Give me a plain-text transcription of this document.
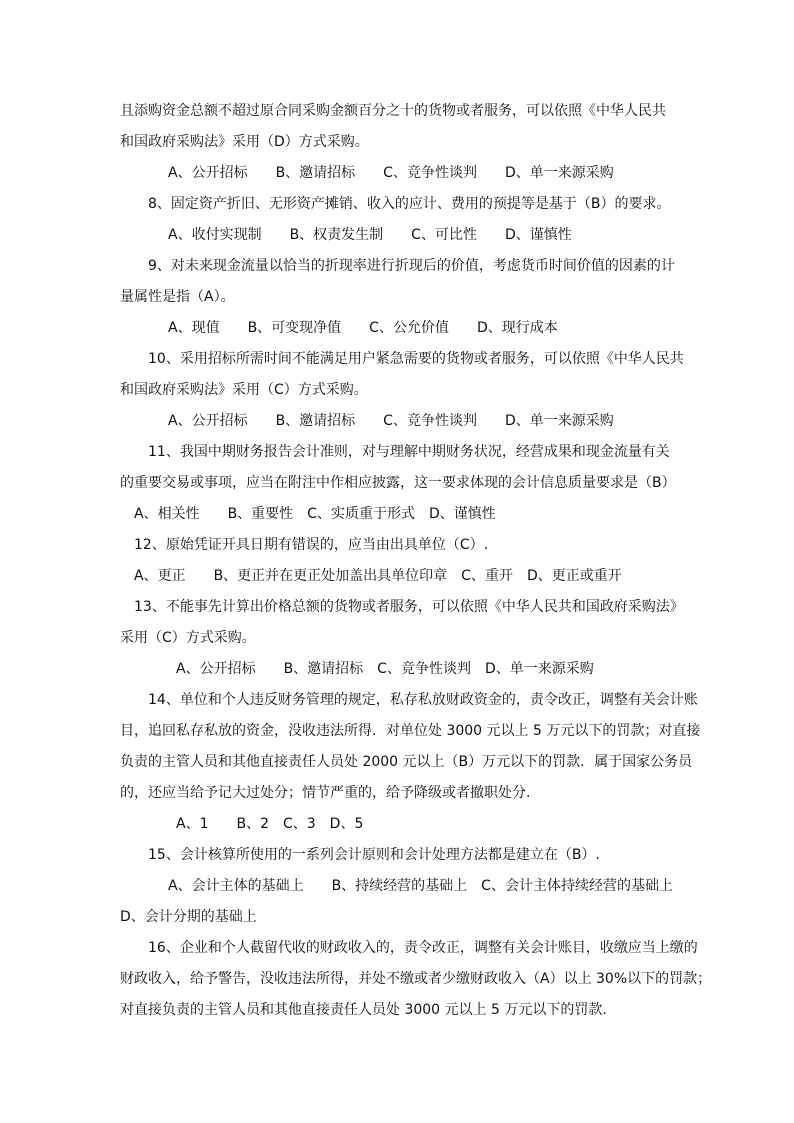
且添购资金总额不超过原合同采购金额百分之十的货物或者服务，可以依照《中华人民共
和国政府采购法》采用（D）方式采购。
A、公开招标　　B、邀请招标　　C、竞争性谈判　　D、单一来源采购
8、固定资产折旧、无形资产摊销、收入的应计、费用的预提等是基于（B）的要求。
A、收付实现制　　B、权责发生制　　C、可比性　　D、谨慎性
9、对未来现金流量以恰当的折现率进行折现后的价值，考虑货币时间价值的因素的计
量属性是指（A）。
A、现值　　B、可变现净值　　C、公允价值　　D、现行成本
10、采用招标所需时间不能满足用户紧急需要的货物或者服务，可以依照《中华人民共
和国政府采购法》采用（C）方式采购。
A、公开招标　　B、邀请招标　　C、竞争性谈判　　D、单一来源采购
11、我国中期财务报告会计准则，对与理解中期财务状况，经营成果和现金流量有关
的重要交易或事项，应当在附注中作相应披露，这一要求体现的会计信息质量要求是（B）
A、相关性　　B、重要性　C、实质重于形式　D、谨慎性
12、原始凭证开具日期有错误的，应当由出具单位（C）.
A、更正　　B、更正并在更正处加盖出具单位印章　C、重开　D、更正或重开
13、不能事先计算出价格总额的货物或者服务，可以依照《中华人民共和国政府采购法》
采用（C）方式采购。
A、公开招标　　B、邀请招标　C、竞争性谈判　D、单一来源采购
14、单位和个人违反财务管理的规定，私存私放财政资金的，责令改正，调整有关会计账
目，追回私存私放的资金，没收违法所得．对单位处 3000 元以上 5 万元以下的罚款；对直接
负责的主管人员和其他直接责任人员处 2000 元以上（B）万元以下的罚款．属于国家公务员
的，还应当给予记大过处分；情节严重的，给予降级或者撤职处分.
A、1　　B、2　C、3　D、5
15、会计核算所使用的一系列会计原则和会计处理方法都是建立在（B）.
A、会计主体的基础上　　B、持续经营的基础上　C、会计主体持续经营的基础上
D、会计分期的基础上
16、企业和个人截留代收的财政收入的，责令改正，调整有关会计账目，收缴应当上缴的
财政收入，给予警告，没收违法所得，并处不缴或者少缴财政收入（A）以上 30%以下的罚款；
对直接负责的主管人员和其他直接责任人员处 3000 元以上 5 万元以下的罚款.
